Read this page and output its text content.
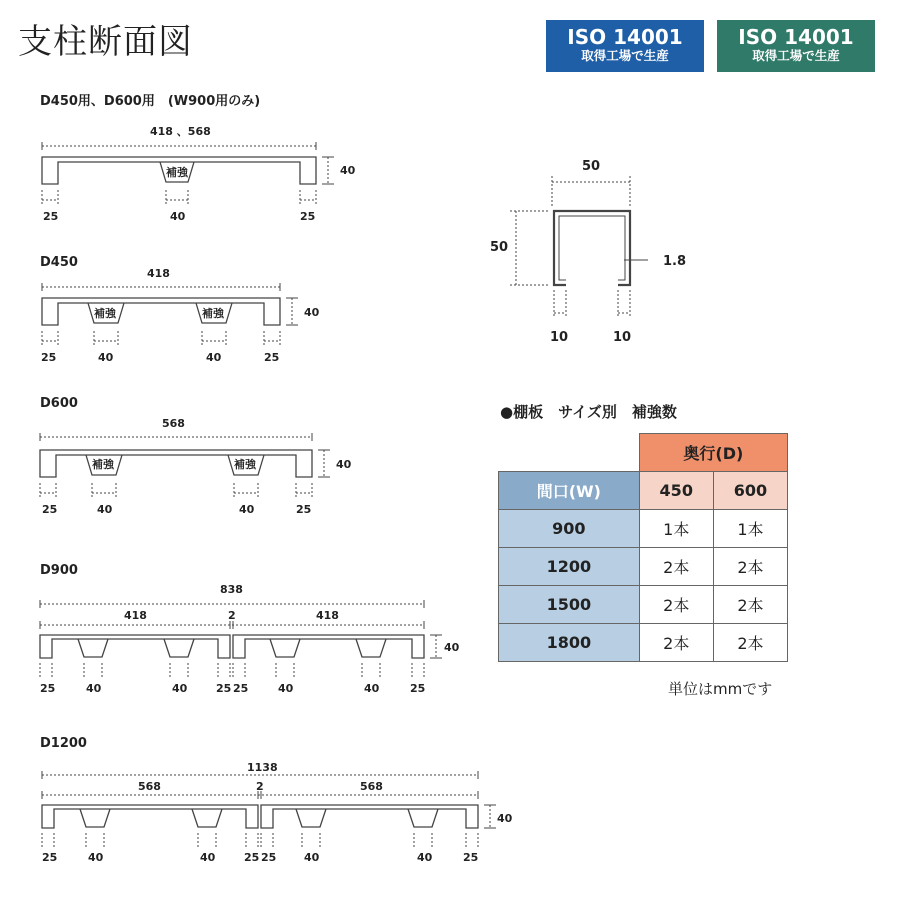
支柱断面図	ISO 14001
取得工場で生産
ISO 14001
取得工場で生産
D450用、D600用　(W900用のみ)
418 、568
補強	40
25	40	25
D450
418
補強	補強	40
25	40	40	25
D600
568
補強	補強	40
25	40	40	25
D900
838
418	2	418
40
25	40	40	25 25	40	40	25
D1200
1138
568	2	568
40
25	40	40	25 25	40	40	25
50
50
1.8
10	10
●棚板　サイズ別　補強数
	奥行(D)	
間口(W)	450	600
900	1本	1本
1200	2本	2本
1500	2本	2本
1800	2本	2本
単位はmmです
